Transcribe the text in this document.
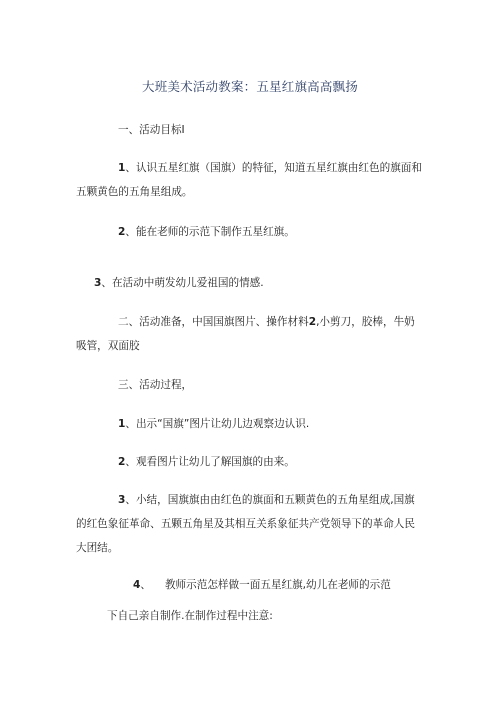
大班美术活动教案：五星红旗高高飘扬
一、活动目标I
1、认识五星红旗（国旗）的特征，知道五星红旗由红色的旗面和
五颗黄色的五角星组成。
2、能在老师的示范下制作五星红旗。
3、在活动中萌发幼儿爱祖国的情感.
二、活动准备，中国国旗图片、操作材料2,小剪刀，胶棒，牛奶
吸管，双面胶
三、活动过程，
1、出示“国旗”图片让幼儿边观察边认识.
2、观看图片让幼儿了解国旗的由来。
3、小结，国旗旗由由红色的旗面和五颗黄色的五角星组成,国旗
的红色象征革命、五颗五角星及其相互关系象征共产党领导下的革命人民
大团结。
4、 教师示范怎样做一面五星红旗,幼儿在老师的示范
下自己亲自制作.在制作过程中注意:
